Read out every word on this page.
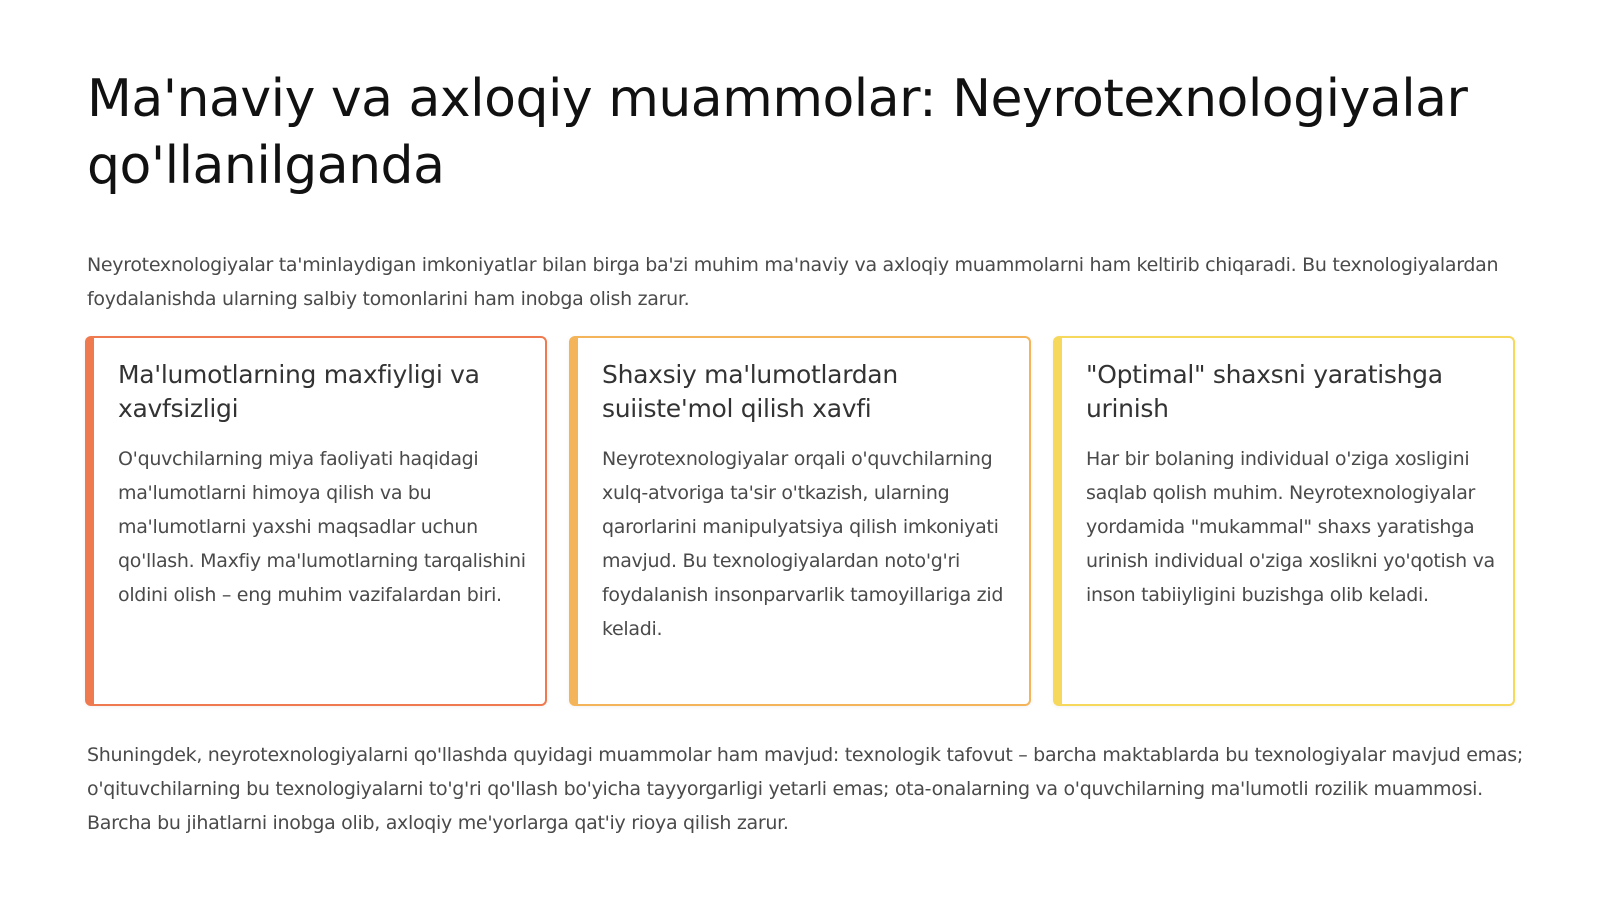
Ma'naviy va axloqiy muammolar: Neyrotexnologiyalar qo'llanilganda

Neyrotexnologiyalar ta'minlaydigan imkoniyatlar bilan birga ba'zi muhim ma'naviy va axloqiy muammolarni ham keltirib chiqaradi. Bu texnologiyalardan foydalanishda ularning salbiy tomonlarini ham inobga olish zarur.

Ma'lumotlarning maxfiyligi va xavfsizligi

O'quvchilarning miya faoliyati haqidagi ma'lumotlarni himoya qilish va bu ma'lumotlarni yaxshi maqsadlar uchun qo'llash. Maxfiy ma'lumotlarning tarqalishini oldini olish – eng muhim vazifalardan biri.

Shaxsiy ma'lumotlardan suiiste'mol qilish xavfi

Neyrotexnologiyalar orqali o'quvchilarning xulq-atvoriga ta'sir o'tkazish, ularning qarorlarini manipulyatsiya qilish imkoniyati mavjud. Bu texnologiyalardan noto'g'ri foydalanish insonparvarlik tamoyillariga zid keladi.

"Optimal" shaxsni yaratishga urinish

Har bir bolaning individual o'ziga xosligini saqlab qolish muhim. Neyrotexnologiyalar yordamida "mukammal" shaxs yaratishga urinish individual o'ziga xoslikni yo'qotish va inson tabiiyligini buzishga olib keladi.

Shuningdek, neyrotexnologiyalarni qo'llashda quyidagi muammolar ham mavjud: texnologik tafovut – barcha maktablarda bu texnologiyalar mavjud emas; o'qituvchilarning bu texnologiyalarni to'g'ri qo'llash bo'yicha tayyorgarligi yetarli emas; ota-onalarning va o'quvchilarning ma'lumotli rozilik muammosi. Barcha bu jihatlarni inobga olib, axloqiy me'yorlarga qat'iy rioya qilish zarur.
